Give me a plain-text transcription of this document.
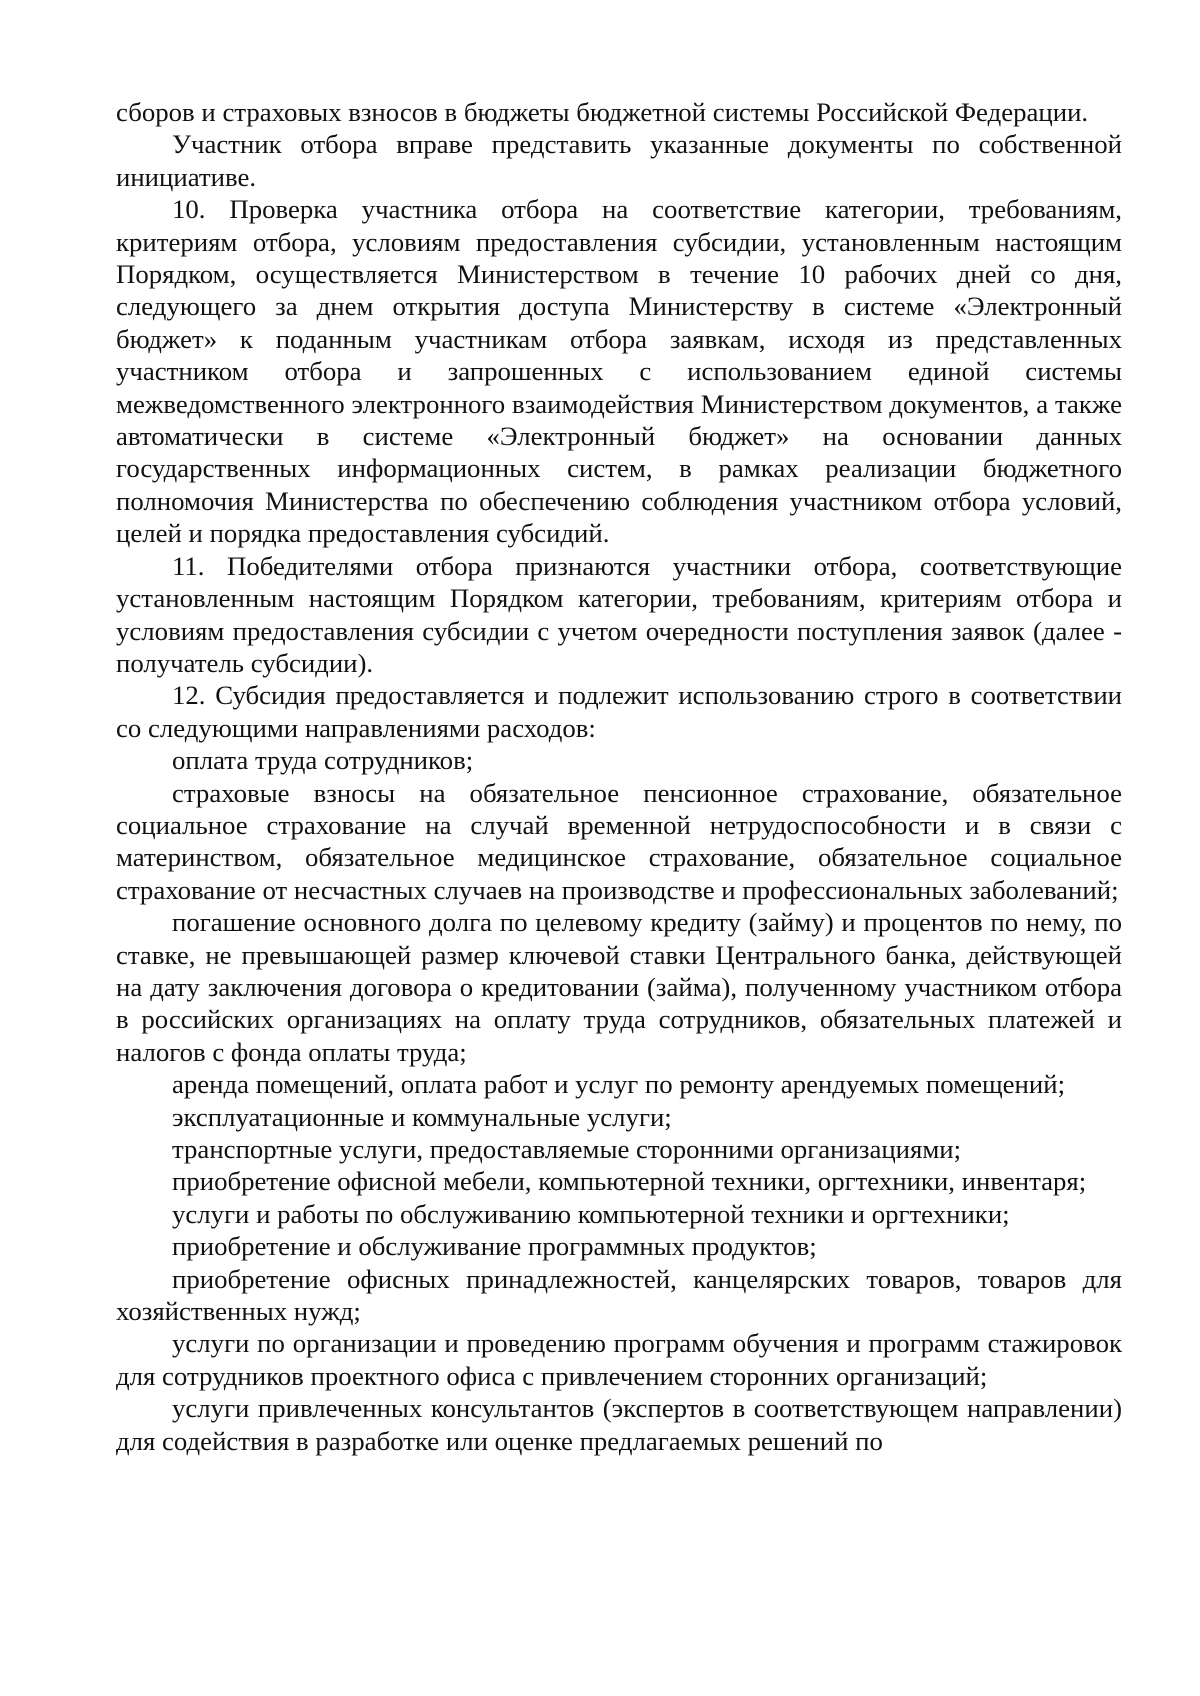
сборов и страховых взносов в бюджеты бюджетной системы Российской Федерации.

Участник отбора вправе представить указанные документы по собственной инициативе.

10. Проверка участника отбора на соответствие категории, требованиям, критериям отбора, условиям предоставления субсидии, установленным настоящим Порядком, осуществляется Министерством в течение 10 рабочих дней со дня, следующего за днем открытия доступа Министерству в системе «Электронный бюджет» к поданным участникам отбора заявкам, исходя из представленных участником отбора и запрошенных с использованием единой системы межведомственного электронного взаимодействия Министерством документов, а также автоматически в системе «Электронный бюджет» на основании данных государственных информационных систем, в рамках реализации бюджетного полномочия Министерства по обеспечению соблюдения участником отбора условий, целей и порядка предоставления субсидий.

11. Победителями отбора признаются участники отбора, соответствующие установленным настоящим Порядком категории, требованиям, критериям отбора и условиям предоставления субсидии с учетом очередности поступления заявок (далее - получатель субсидии).

12. Субсидия предоставляется и подлежит использованию строго в соответствии со следующими направлениями расходов:

оплата труда сотрудников;

страховые взносы на обязательное пенсионное страхование, обязательное социальное страхование на случай временной нетрудоспособности и в связи с материнством, обязательное медицинское страхование, обязательное социальное страхование от несчастных случаев на производстве и профессиональных заболеваний;

погашение основного долга по целевому кредиту (займу) и процентов по нему, по ставке, не превышающей размер ключевой ставки Центрального банка, действующей на дату заключения договора о кредитовании (займа), полученному участником отбора в российских организациях на оплату труда сотрудников, обязательных платежей и налогов с фонда оплаты труда;

аренда помещений, оплата работ и услуг по ремонту арендуемых помещений;

эксплуатационные и коммунальные услуги;

транспортные услуги, предоставляемые сторонними организациями;

приобретение офисной мебели, компьютерной техники, оргтехники, инвентаря;

услуги и работы по обслуживанию компьютерной техники и оргтехники;

приобретение и обслуживание программных продуктов;

приобретение офисных принадлежностей, канцелярских товаров, товаров для хозяйственных нужд;

услуги по организации и проведению программ обучения и программ стажировок для сотрудников проектного офиса с привлечением сторонних организаций;

услуги привлеченных консультантов (экспертов в соответствующем направлении) для содействия в разработке или оценке предлагаемых решений по
